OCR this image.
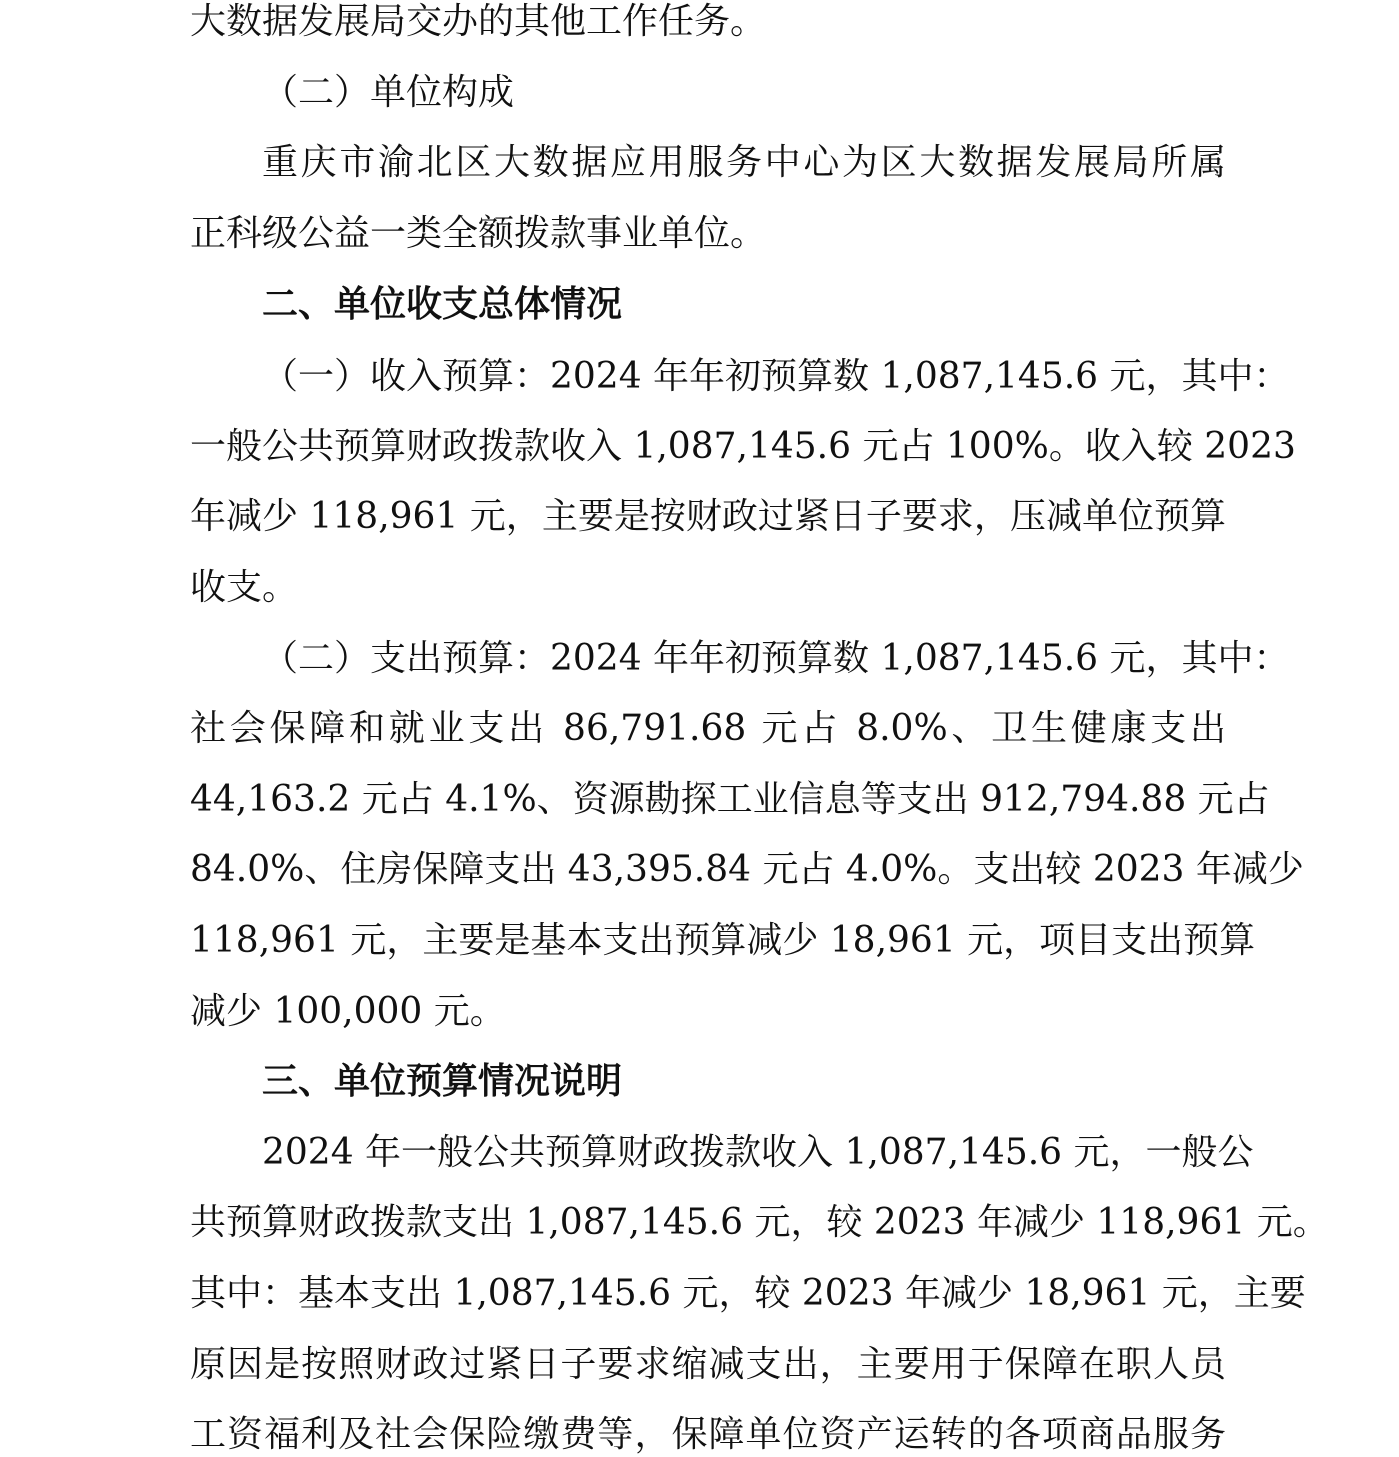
大数据发展局交办的其他工作任务。
（二）单位构成
重庆市渝北区大数据应用服务中心为区大数据发展局所属
正科级公益一类全额拨款事业单位。
二、单位收支总体情况
（一）收入预算：2024 年年初预算数 1,087,145.6 元，其中：
一般公共预算财政拨款收入 1,087,145.6 元占 100%。收入较 2023
年减少 118,961 元，主要是按财政过紧日子要求，压减单位预算
收支。
（二）支出预算：2024 年年初预算数 1,087,145.6 元，其中：
社会保障和就业支出 86,791.68 元占 8.0%、卫生健康支出
44,163.2 元占 4.1%、资源勘探工业信息等支出 912,794.88 元占
84.0%、住房保障支出 43,395.84 元占 4.0%。支出较 2023 年减少
118,961 元，主要是基本支出预算减少 18,961 元，项目支出预算
减少 100,000 元。
三、单位预算情况说明
2024 年一般公共预算财政拨款收入 1,087,145.6 元，一般公
共预算财政拨款支出 1,087,145.6 元，较 2023 年减少 118,961 元。
其中：基本支出 1,087,145.6 元，较 2023 年减少 18,961 元，主要
原因是按照财政过紧日子要求缩减支出，主要用于保障在职人员
工资福利及社会保险缴费等，保障单位资产运转的各项商品服务
